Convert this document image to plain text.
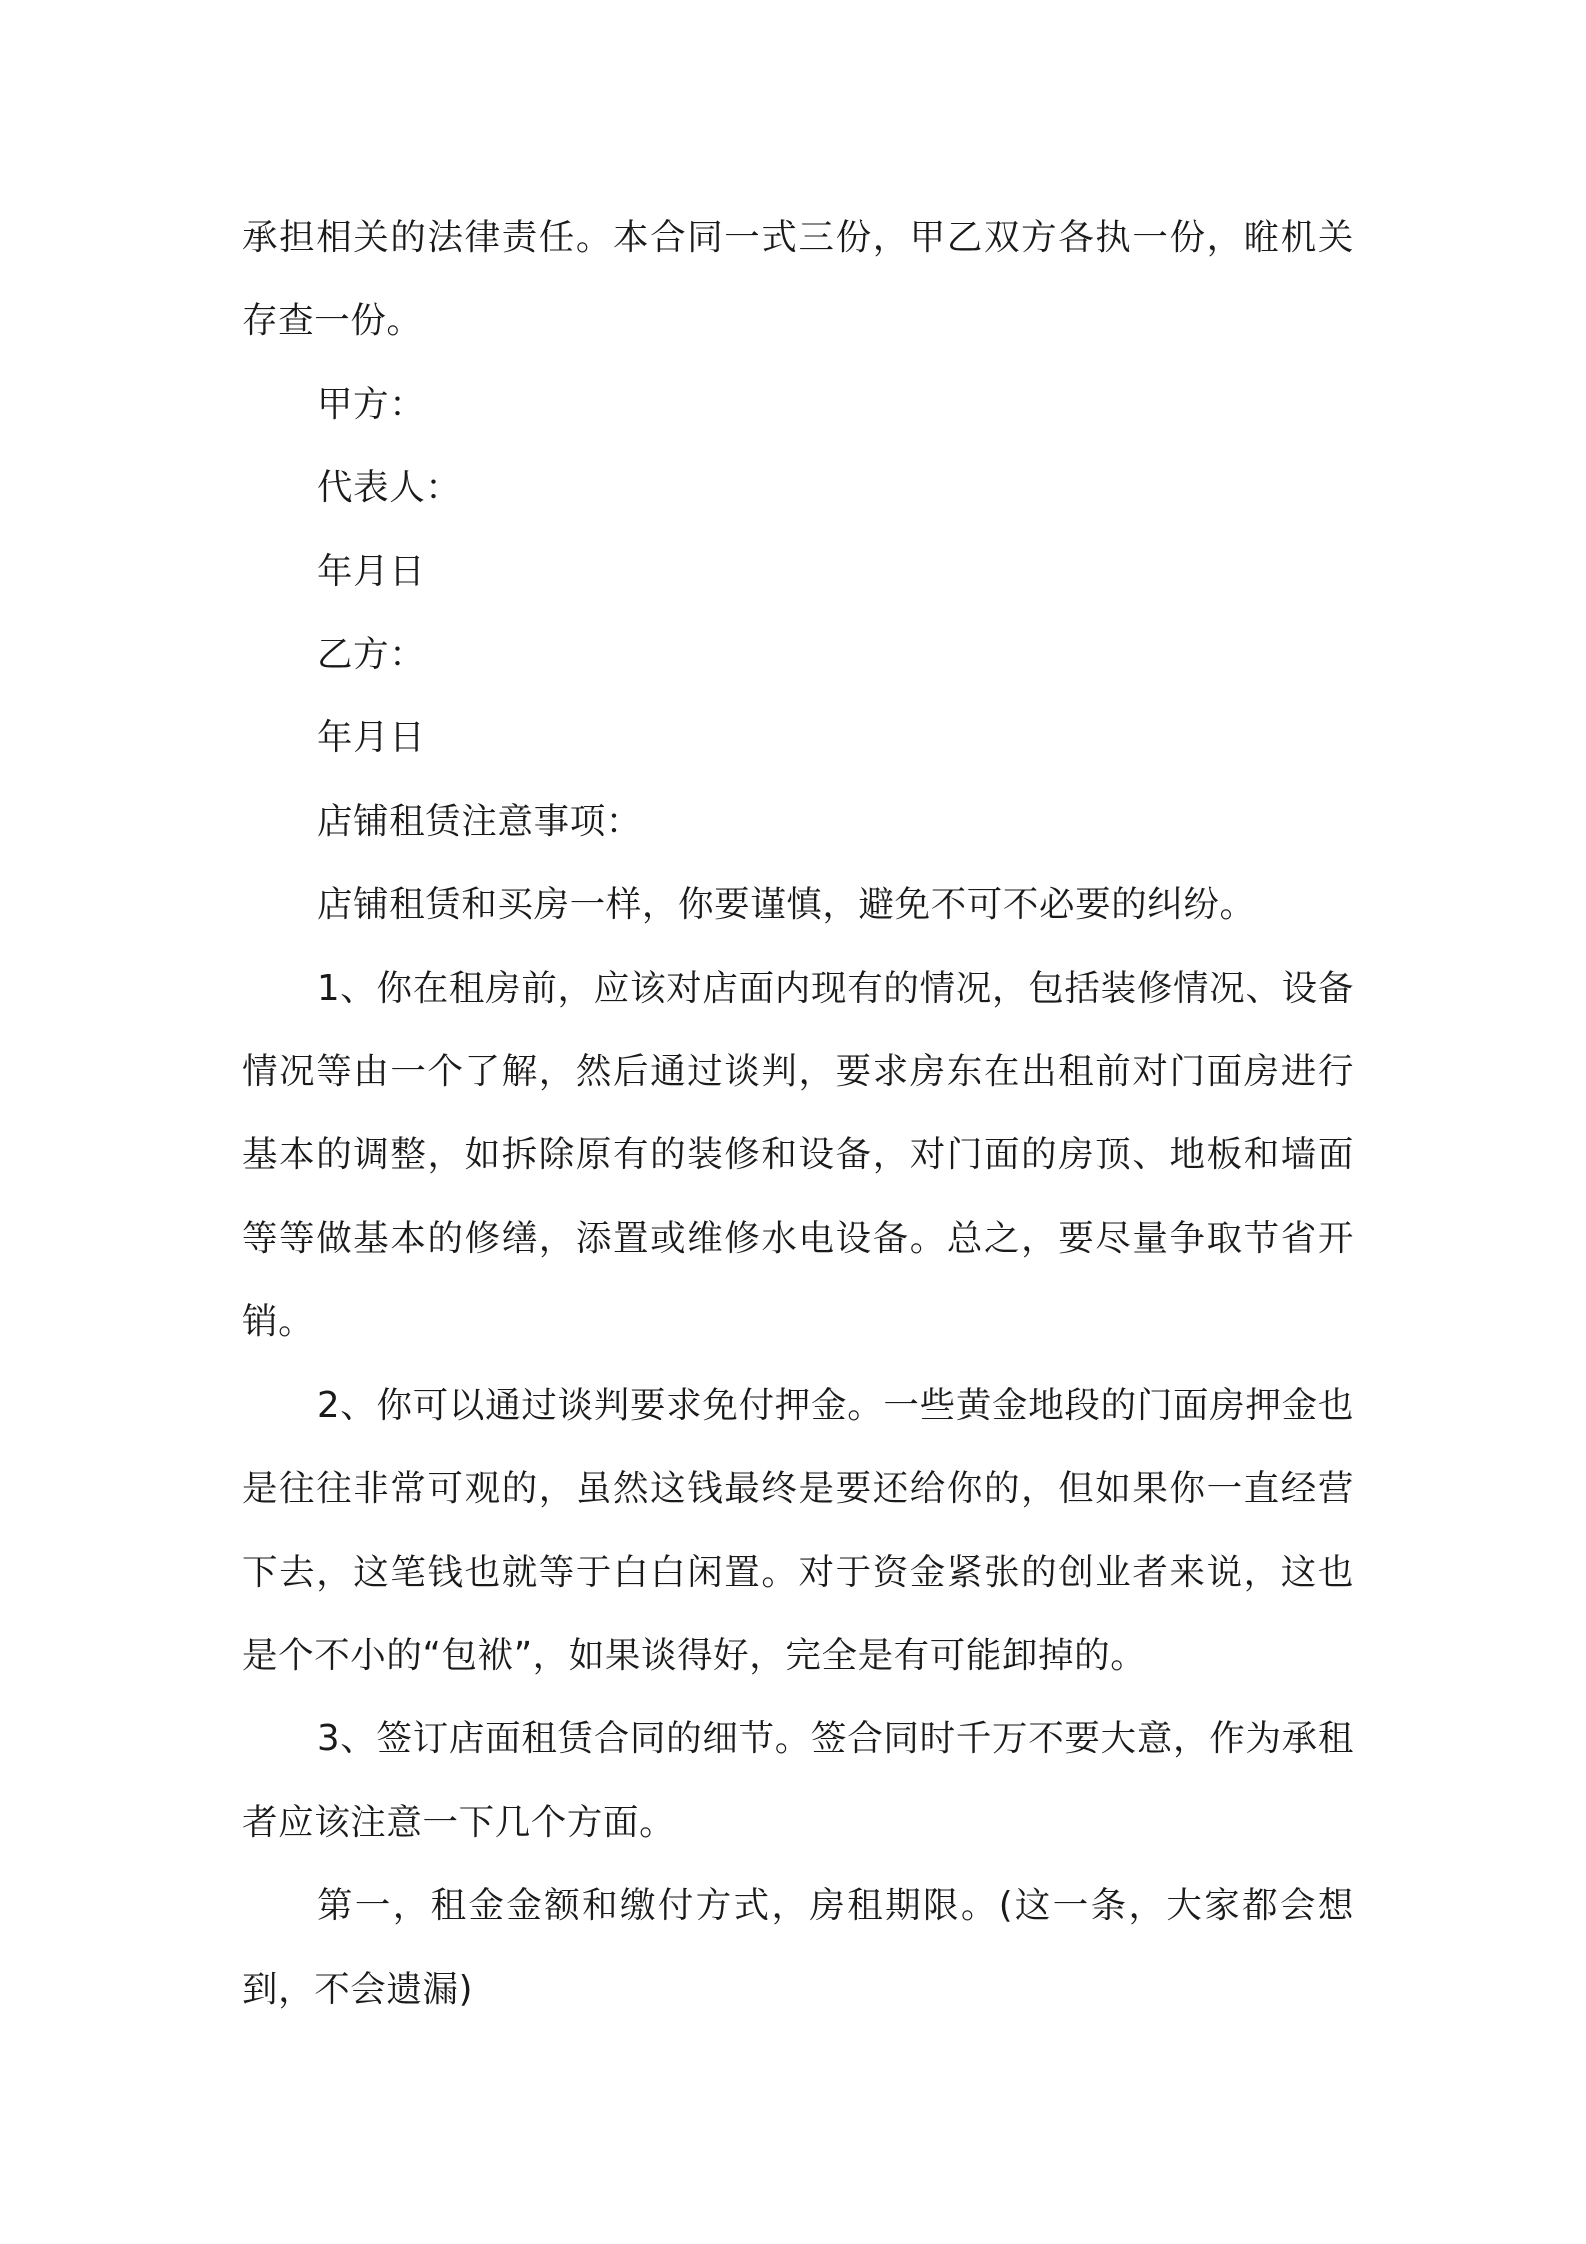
承担相关的法律责任。本合同一式三份，甲乙双方各执一份，暀机关存查一份。

甲方：

代表人：

年月日

乙方：

年月日

店铺租赁注意事项：

店铺租赁和买房一样，你要谨慎，避免不可不必要的纠纷。

1、你在租房前，应该对店面内现有的情况，包括装修情况、设备情况等由一个了解，然后通过谈判，要求房东在出租前对门面房进行基本的调整，如拆除原有的装修和设备，对门面的房顶、地板和墙面等等做基本的修缮，添置或维修水电设备。总之，要尽量争取节省开销。

2、你可以通过谈判要求免付押金。一些黄金地段的门面房押金也是往往非常可观的，虽然这钱最终是要还给你的，但如果你一直经营下去，这笔钱也就等于白白闲置。对于资金紧张的创业者来说，这也是个不小的“包袱”，如果谈得好，完全是有可能卸掉的。

3、签订店面租赁合同的细节。签合同时千万不要大意，作为承租者应该注意一下几个方面。

第一，租金金额和缴付方式，房租期限。(这一条，大家都会想到，不会遗漏)
